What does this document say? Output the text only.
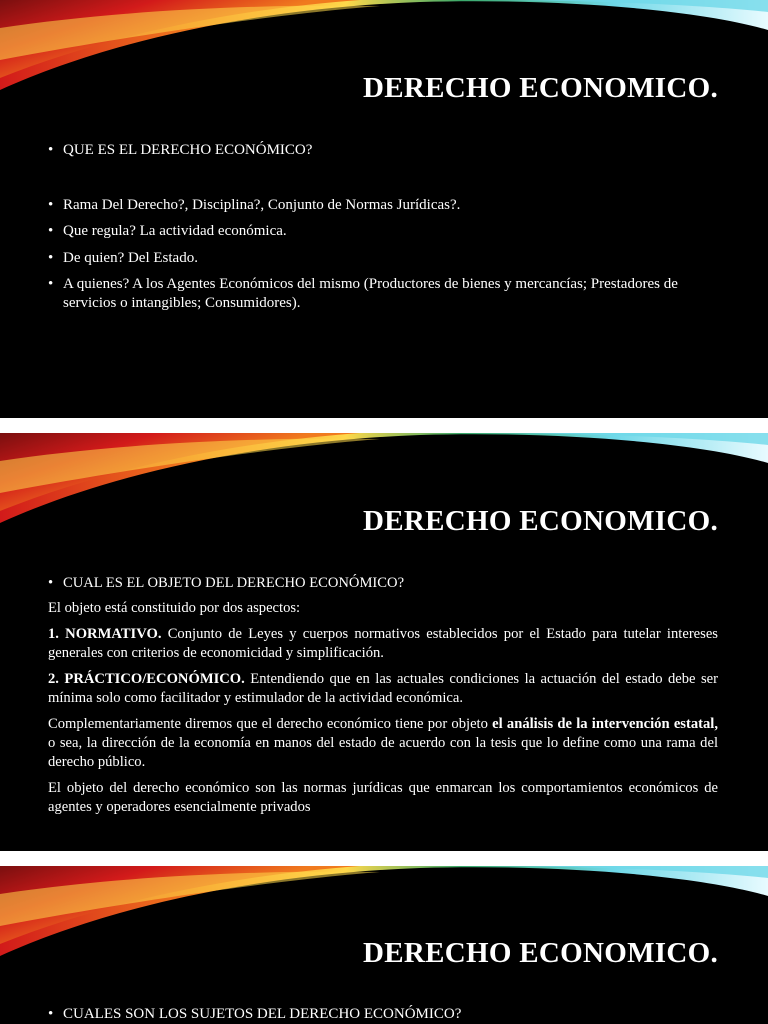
DERECHO ECONOMICO.
• QUE ES EL DERECHO ECONÓMICO?
• Rama Del Derecho?, Disciplina?, Conjunto de Normas Jurídicas?.
• Que regula? La actividad económica.
• De quien? Del Estado.
• A quienes? A los Agentes Económicos del mismo (Productores de bienes y mercancías; Prestadores de servicios o intangibles; Consumidores).
DERECHO ECONOMICO.
• CUAL ES EL OBJETO DEL DERECHO ECONÓMICO?

El objeto está constituido por dos aspectos:

1. NORMATIVO. Conjunto de Leyes y cuerpos normativos establecidos por el Estado para tutelar intereses generales con criterios de economicidad y simplificación.

2. PRÁCTICO/ECONÓMICO. Entendiendo que en las actuales condiciones la actuación del estado debe ser mínima solo como facilitador y estimulador de la actividad económica.

Complementariamente diremos que el derecho económico tiene por objeto el análisis de la intervención estatal, o sea, la dirección de la economía en manos del estado de acuerdo con la tesis que lo define como una rama del derecho público.

El objeto del derecho económico son las normas jurídicas que enmarcan los comportamientos económicos de agentes y operadores esencialmente privados

DERECHO ECONOMICO.
• CUALES SON LOS SUJETOS DEL DERECHO ECONÓMICO?
